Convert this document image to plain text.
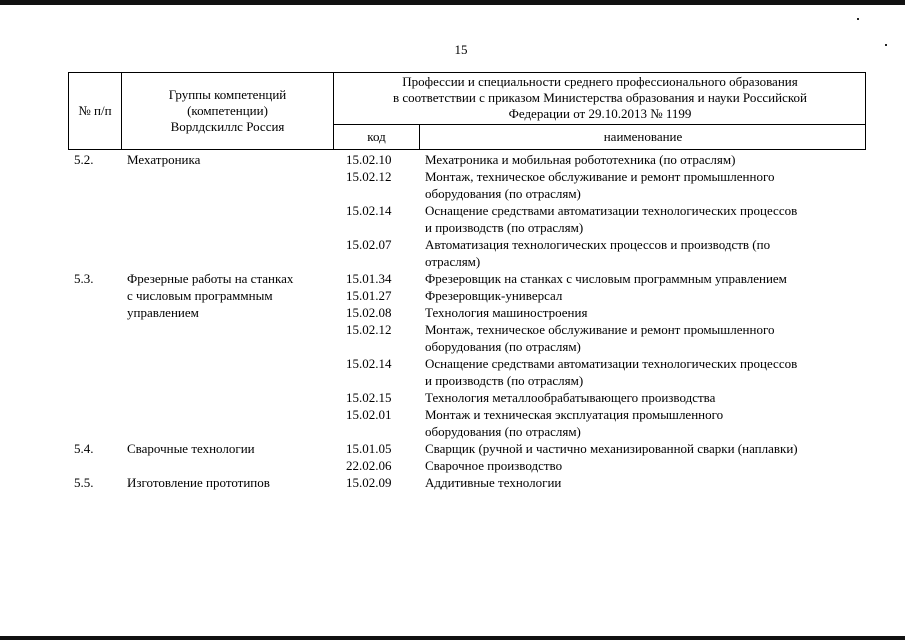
15
№ п/п
Группы компетенций
(компетенции)
Ворлдскиллс Россия
Профессии и специальности среднего профессионального образования
в соответствии с приказом Министерства образования и науки Российской
Федерации от 29.10.2013 № 1199
код	наименование
5.2.	Мехатроника	15.02.10	Мехатроника и мобильная робототехника (по отраслям)
15.02.12	Монтаж, техническое обслуживание и ремонт промышленного
оборудования (по отраслям)
15.02.14	Оснащение средствами автоматизации технологических процессов
и производств (по отраслям)
15.02.07	Автоматизация технологических процессов и производств (по
отраслям)
5.3.	Фрезерные работы на станках
с числовым программным
управлением
15.01.34	Фрезеровщик на станках с числовым программным управлением
15.01.27	Фрезеровщик-универсал
15.02.08	Технология машиностроения
15.02.12	Монтаж, техническое обслуживание и ремонт промышленного
оборудования (по отраслям)
15.02.14	Оснащение средствами автоматизации технологических процессов
и производств (по отраслям)
15.02.15	Технология металлообрабатывающего производства
15.02.01	Монтаж и техническая эксплуатация промышленного
оборудования (по отраслям)
5.4.	Сварочные технологии	15.01.05	Сварщик (ручной и частично механизированной сварки (наплавки)
22.02.06	Сварочное производство
5.5.	Изготовление прототипов	15.02.09	Аддитивные технологии
